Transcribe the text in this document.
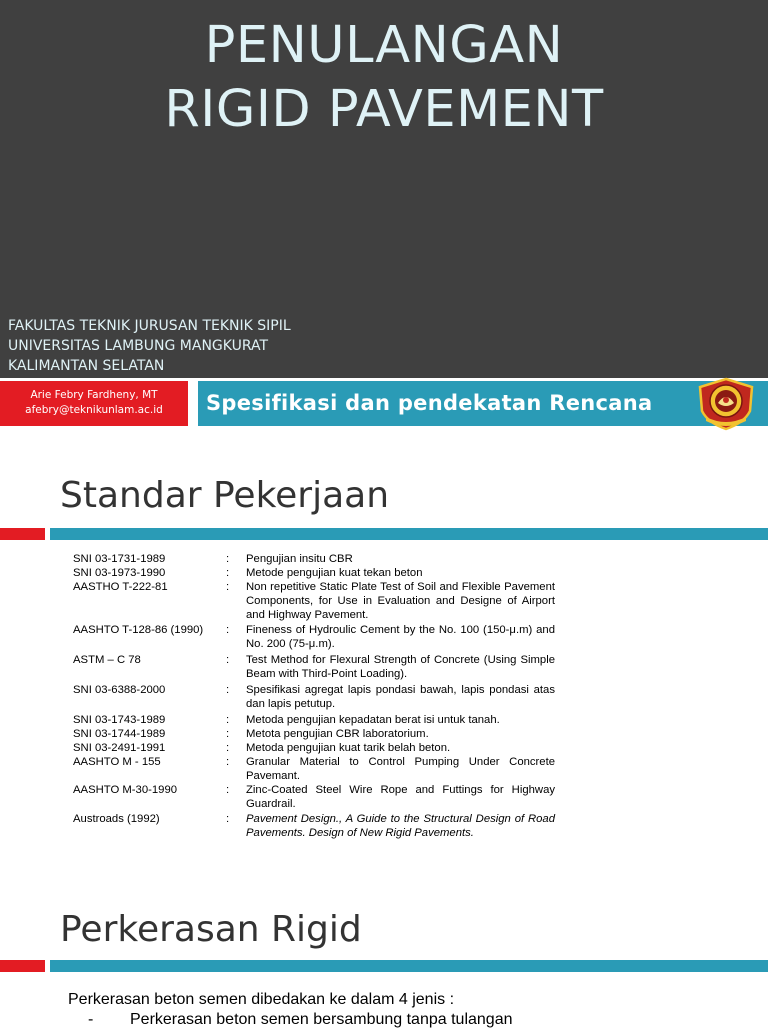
PENULANGAN
RIGID PAVEMENT
FAKULTAS TEKNIK JURUSAN TEKNIK SIPIL
UNIVERSITAS LAMBUNG MANGKURAT
KALIMANTAN SELATAN
Arie Febry Fardheny, MT
afebry@teknikunlam.ac.id	Spesifikasi dan pendekatan Rencana
Standar Pekerjaan
SNI 03-1731-1989	:	Pengujian insitu CBR
SNI 03-1973-1990	:	Metode pengujian kuat tekan beton
AASTHO T-222-81	:	Non repetitive Static Plate Test of Soil and Flexible Pavement Components, for Use in Evaluation and Designe of Airport and Highway Pavement.
AASHTO T-128-86 (1990)	:	Fineness of Hydroulic Cement by the No. 100 (150-μ.m) and No. 200 (75-μ.m).
ASTM – C 78	:	Test Method for Flexural Strength of Concrete (Using Simple Beam with Third-Point Loading).
SNI 03-6388-2000	:	Spesifikasi agregat lapis pondasi bawah, lapis pondasi atas dan lapis petutup.
SNI 03-1743-1989	:	Metoda pengujian kepadatan berat isi untuk tanah.
SNI 03-1744-1989	:	Metota pengujian CBR laboratorium.
SNI 03-2491-1991	:	Metoda pengujian kuat tarik belah beton.
AASHTO M - 155	:	Granular Material to Control Pumping Under Concrete Pavemant.
AASHTO M-30-1990	:	Zinc-Coated Steel Wire Rope and Futtings for Highway Guardrail.
Austroads (1992)	:	Pavement Design., A Guide to the Structural Design of Road Pavements. Design of New Rigid Pavements.
Perkerasan Rigid
Perkerasan beton semen dibedakan ke dalam 4 jenis :
-	Perkerasan beton semen bersambung tanpa tulangan
